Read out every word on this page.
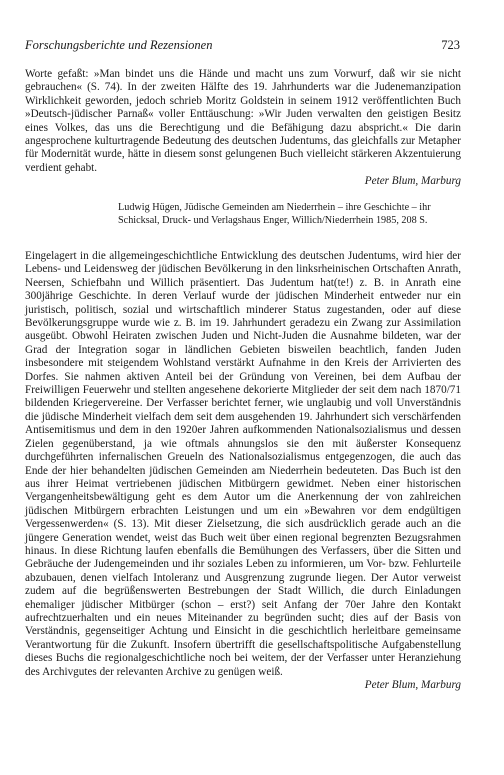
Forschungsberichte und Rezensionen	723

Worte gefaßt: »Man bindet uns die Hände und macht uns zum Vorwurf, daß wir sie nicht gebrauchen« (S. 74). In der zweiten Hälfte des 19. Jahrhunderts war die Judenemanzipation Wirklichkeit geworden, jedoch schrieb Moritz Goldstein in seinem 1912 veröffentlichten Buch »Deutsch-jüdischer Parnaß« voller Enttäuschung: »Wir Juden verwalten den geistigen Besitz eines Volkes, das uns die Berechtigung und die Befähigung dazu abspricht.« Die darin angesprochene kulturtragende Bedeutung des deutschen Judentums, das gleichfalls zur Metapher für Modernität wurde, hätte in diesem sonst gelungenen Buch vielleicht stärkeren Akzentuierung verdient gehabt.

Peter Blum, Marburg

Ludwig Hügen, Jüdische Gemeinden am Niederrhein – ihre Geschichte – ihr Schicksal, Druck- und Verlagshaus Enger, Willich/Niederrhein 1985, 208 S.

Eingelagert in die allgemeingeschichtliche Entwicklung des deutschen Judentums, wird hier der Lebens- und Leidensweg der jüdischen Bevölkerung in den linksrheinischen Ortschaften Anrath, Neersen, Schiefbahn und Willich präsentiert. Das Judentum hat(te!) z. B. in Anrath eine 300jährige Geschichte. In deren Verlauf wurde der jüdischen Minderheit entweder nur ein juristisch, politisch, sozial und wirtschaftlich minderer Status zugestanden, oder auf diese Bevölkerungsgruppe wurde wie z. B. im 19. Jahrhundert geradezu ein Zwang zur Assimilation ausgeübt. Obwohl Heiraten zwischen Juden und Nicht-Juden die Ausnahme bildeten, war der Grad der Integration sogar in ländlichen Gebieten bisweilen beachtlich, fanden Juden insbesondere mit steigendem Wohlstand verstärkt Aufnahme in den Kreis der Arrivierten des Dorfes. Sie nahmen aktiven Anteil bei der Gründung von Vereinen, bei dem Aufbau der Freiwilligen Feuerwehr und stellten angesehene dekorierte Mitglieder der seit dem nach 1870/71 bildenden Kriegervereine. Der Verfasser berichtet ferner, wie unglaubig und voll Unverständnis die jüdische Minderheit vielfach dem seit dem ausgehenden 19. Jahrhundert sich verschärfenden Antisemitismus und dem in den 1920er Jahren aufkommenden Nationalsozialismus und dessen Zielen gegenüberstand, ja wie oftmals ahnungslos sie den mit äußerster Konsequenz durchgeführten infernalischen Greueln des Nationalsozialismus entgegenzogen, die auch das Ende der hier behandelten jüdischen Gemeinden am Niederrhein bedeuteten. Das Buch ist den aus ihrer Heimat vertriebenen jüdischen Mitbürgern gewidmet. Neben einer historischen Vergangenheitsbewältigung geht es dem Autor um die Anerkennung der von zahlreichen jüdischen Mitbürgern erbrachten Leistungen und um ein »Bewahren vor dem endgültigen Vergessenwerden« (S. 13). Mit dieser Zielsetzung, die sich ausdrücklich gerade auch an die jüngere Generation wendet, weist das Buch weit über einen regional begrenzten Bezugsrahmen hinaus. In diese Richtung laufen ebenfalls die Bemühungen des Verfassers, über die Sitten und Gebräuche der Judengemeinden und ihr soziales Leben zu informieren, um Vor- bzw. Fehlurteile abzubauen, denen vielfach Intoleranz und Ausgrenzung zugrunde liegen. Der Autor verweist zudem auf die begrüßenswerten Bestrebungen der Stadt Willich, die durch Einladungen ehemaliger jüdischer Mitbürger (schon – erst?) seit Anfang der 70er Jahre den Kontakt aufrechtzuerhalten und ein neues Miteinander zu begründen sucht; dies auf der Basis von Verständnis, gegenseitiger Achtung und Einsicht in die geschichtlich herleitbare gemeinsame Verantwortung für die Zukunft. Insofern übertrifft die gesellschaftspolitische Aufgabenstellung dieses Buchs die regionalgeschichtliche noch bei weitem, der der Verfasser unter Heranziehung des Archivgutes der relevanten Archive zu genügen weiß.

Peter Blum, Marburg
